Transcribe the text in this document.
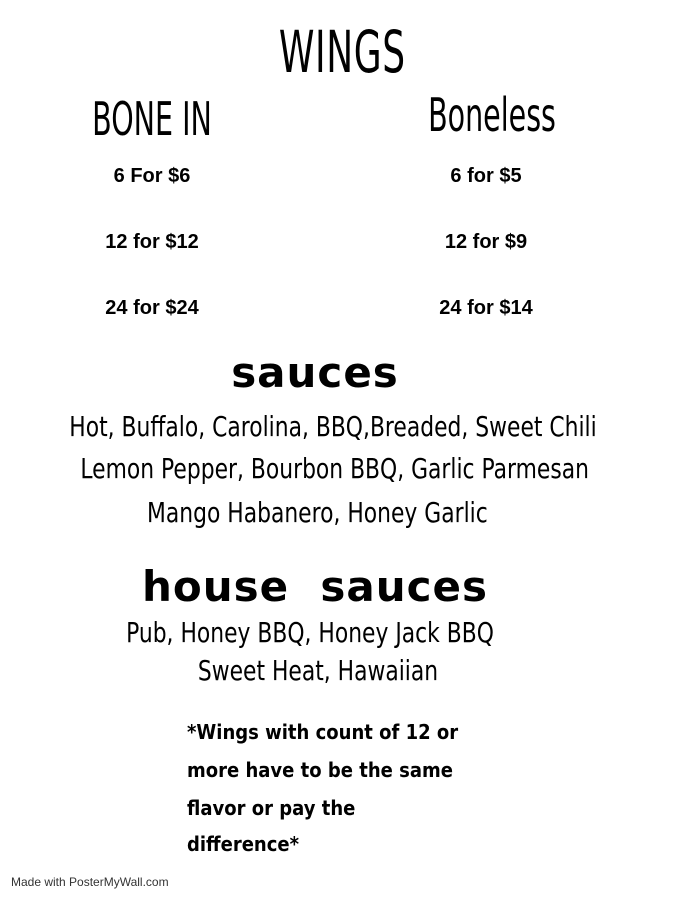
WINGS
BONE IN	Boneless
6 For $6
12 for $12
24 for $24
6 for $5
12 for $9
24 for $14
sauces
Hot, Buffalo, Carolina, BBQ,Breaded, Sweet Chili
Lemon Pepper, Bourbon BBQ, Garlic Parmesan
Mango Habanero, Honey Garlic
house  sauces
Pub, Honey BBQ, Honey Jack BBQ
Sweet Heat, Hawaiian
*Wings with count of 12 or
more have to be the same
flavor or pay the
difference*
Made with PosterMyWall.com
